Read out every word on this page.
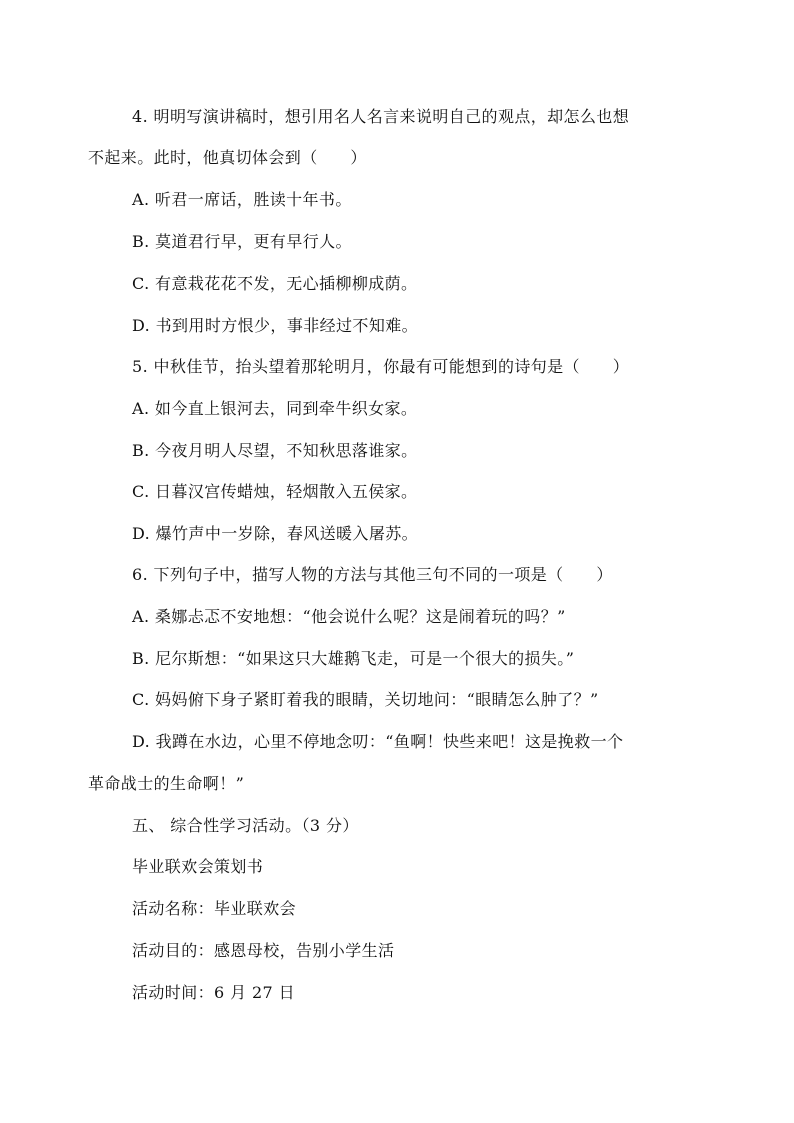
4. 明明写演讲稿时，想引用名人名言来说明自己的观点，却怎么也想
不起来。此时，他真切体会到（　　）
A. 听君一席话，胜读十年书。
B. 莫道君行早，更有早行人。
C. 有意栽花花不发，无心插柳柳成荫。
D. 书到用时方恨少，事非经过不知难。
5. 中秋佳节，抬头望着那轮明月，你最有可能想到的诗句是（　　）
A. 如今直上银河去，同到牵牛织女家。
B. 今夜月明人尽望，不知秋思落谁家。
C. 日暮汉宫传蜡烛，轻烟散入五侯家。
D. 爆竹声中一岁除，春风送暖入屠苏。
6. 下列句子中，描写人物的方法与其他三句不同的一项是（　　）
A. 桑娜忐忑不安地想：“他会说什么呢？这是闹着玩的吗？”
B. 尼尔斯想：“如果这只大雄鹅飞走，可是一个很大的损失。”
C. 妈妈俯下身子紧盯着我的眼睛，关切地问：“眼睛怎么肿了？”
D. 我蹲在水边，心里不停地念叨：“鱼啊！快些来吧！这是挽救一个
革命战士的生命啊！”
五、 综合性学习活动。（3 分）
毕业联欢会策划书
活动名称：毕业联欢会
活动目的：感恩母校，告别小学生活
活动时间：6 月 27 日
